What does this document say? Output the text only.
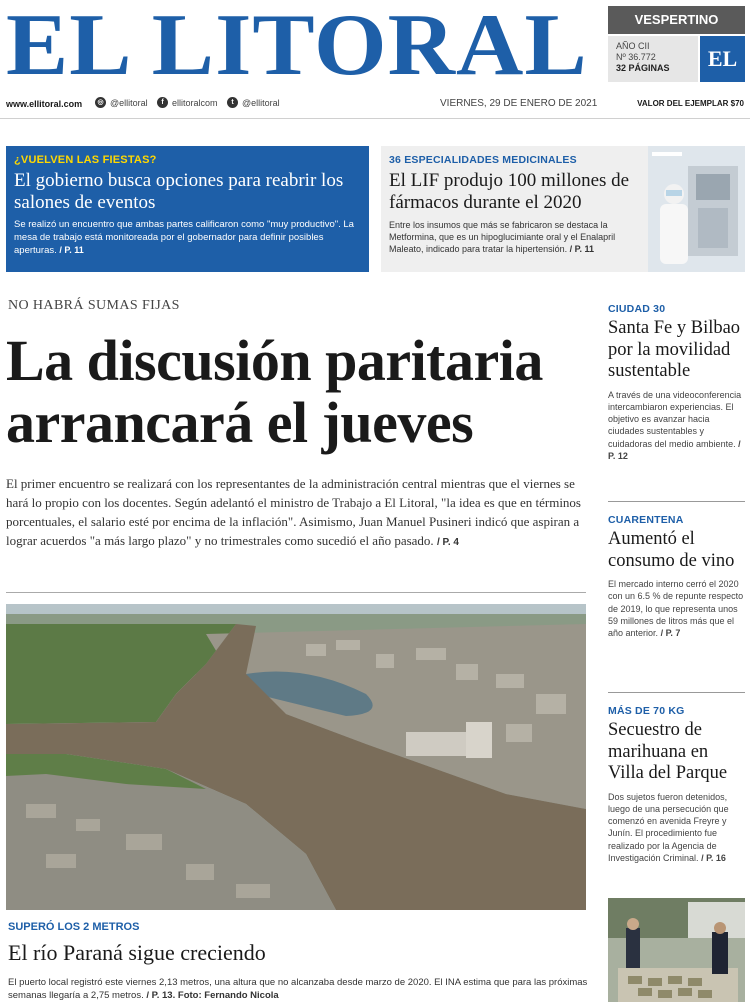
EL LITORAL	VESPERTINO
AÑO CII
Nº 36.772
32 PÁGINAS	EL
www.ellitoral.com	◎ @ellitoral	f ellitoralcom	t @ellitoral	VIERNES, 29 DE ENERO DE 2021	VALOR DEL EJEMPLAR $70
¿VUELVEN LAS FIESTAS?
El gobierno busca opciones para reabrir los salones de eventos
Se realizó un encuentro que ambas partes calificaron como "muy productivo". La mesa de trabajo está monitoreada por el gobernador para definir posibles aperturas. / P. 11
36 ESPECIALIDADES MEDICINALES
El LIF produjo 100 millones de fármacos durante el 2020
Entre los insumos que más se fabricaron se destaca la Metformina, que es un hipoglucimiante oral y el Enalapril Maleato, indicado para tratar la hipertensión. / P. 11
NO HABRÁ SUMAS FIJAS
La discusión paritaria arrancará el jueves
El primer encuentro se realizará con los representantes de la administración central mientras que el viernes se hará lo propio con los docentes. Según adelantó el ministro de Trabajo a El Litoral, "la idea es que en términos porcentuales, el salario esté por encima de la inflación". Asimismo, Juan Manuel Pusineri indicó que aspiran a lograr acuerdos "a más largo plazo" y no trimestrales como sucedió el año pasado. / P. 4
SUPERÓ LOS 2 METROS
El río Paraná sigue creciendo
El puerto local registró este viernes 2,13 metros, una altura que no alcanzaba desde marzo de 2020. El INA estima que para las próximas semanas llegaría a 2,75 metros. / P. 13. Foto: Fernando Nicola
CIUDAD 30
Santa Fe y Bilbao por la movilidad sustentable
A través de una videoconferencia intercambiaron experiencias. El objetivo es avanzar hacia ciudades sustentables y cuidadoras del medio ambiente. / P. 12
CUARENTENA
Aumentó el consumo de vino
El mercado interno cerró el 2020 con un 6.5 % de repunte respecto de 2019, lo que representa unos 59 millones de litros más que el año anterior. / P. 7
MÁS DE 70 KG
Secuestro de marihuana en Villa del Parque
Dos sujetos fueron detenidos, luego de una persecución que comenzó en avenida Freyre y Junín. El procedimiento fue realizado por la Agencia de Investigación Criminal. / P. 16
